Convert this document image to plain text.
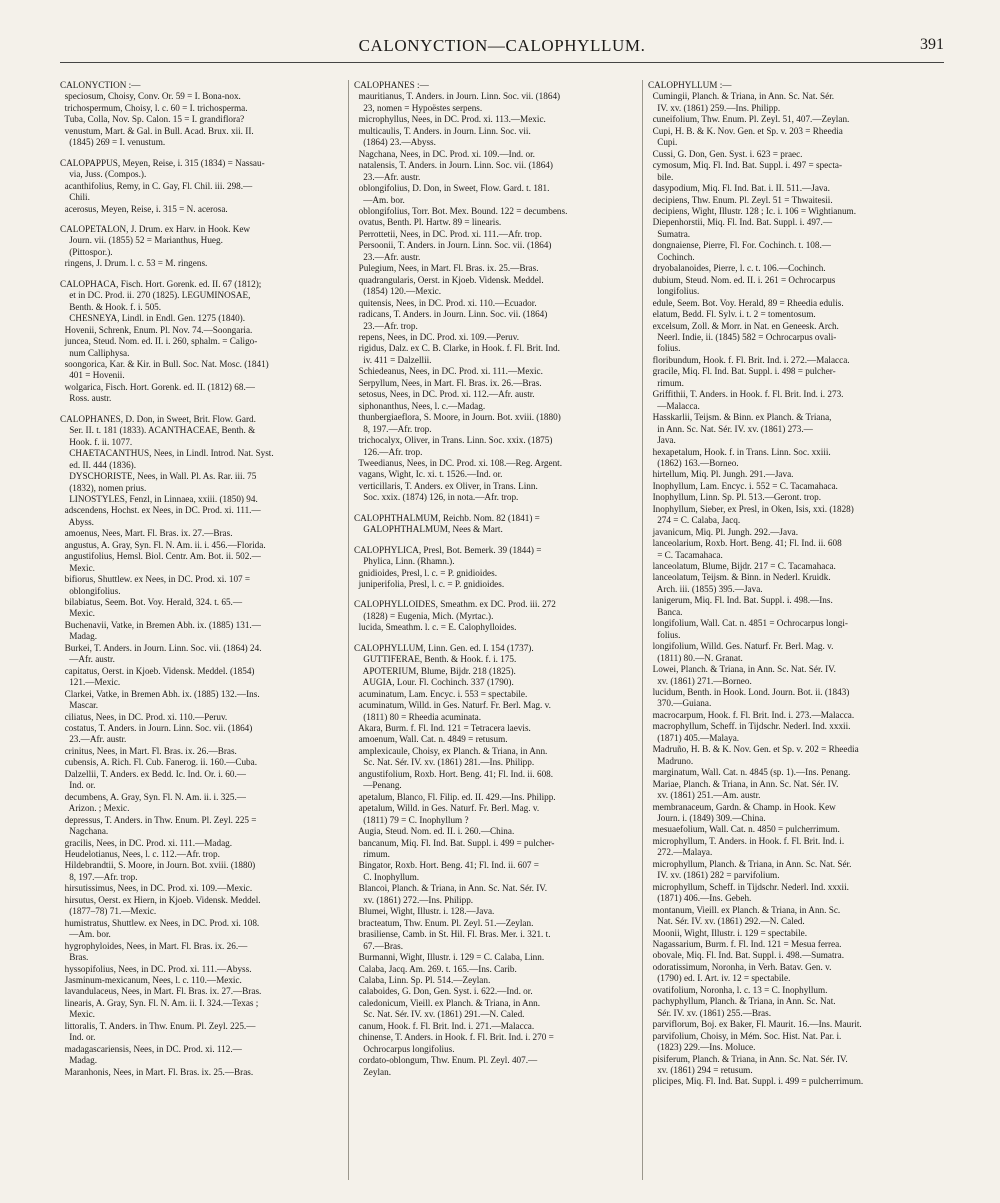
CALONYCTION—CALOPHYLLUM.	391
CALONYCTION :—
speciosum, Choisy, Conv. Or. 59 = I. Bona-nox.
trichospermum, Choisy, l. c. 60 = I. trichosperma.
Tuba, Colla, Nov. Sp. Calon. 15 = I. grandiflora?
venustum, Mart. & Gal. in Bull. Acad. Brux. xii. II.
(1845) 269 = I. venustum.
CALOPAPPUS, Meyen, Reise, i. 315 (1834) = Nassau-
via, Juss. (Compos.).
acanthifolius, Remy, in C. Gay, Fl. Chil. iii. 298.—
Chili.
acerosus, Meyen, Reise, i. 315 = N. acerosa.
CALOPETALON, J. Drum. ex Harv. in Hook. Kew
Journ. vii. (1855) 52 = Marianthus, Hueg.
(Pittospor.).
ringens, J. Drum. l. c. 53 = M. ringens.
CALOPHACA, Fisch. Hort. Gorenk. ed. II. 67 (1812);
et in DC. Prod. ii. 270 (1825). LEGUMINOSAE,
Benth. & Hook. f. i. 505.
CHESNEYA, Lindl. in Endl. Gen. 1275 (1840).
Hovenii, Schrenk, Enum. Pl. Nov. 74.—Soongaria.
juncea, Steud. Nom. ed. II. i. 260, sphalm. = Caligo-
num Calliphysa.
soongorica, Kar. & Kir. in Bull. Soc. Nat. Mosc. (1841)
401 = Hovenii.
wolgarica, Fisch. Hort. Gorenk. ed. II. (1812) 68.—
Ross. austr.
CALOPHANES, D. Don, in Sweet, Brit. Flow. Gard.
Ser. II. t. 181 (1833). ACANTHACEAE, Benth. &
Hook. f. ii. 1077.
CHAETACANTHUS, Nees, in Lindl. Introd. Nat. Syst.
ed. II. 444 (1836).
DYSCHORISTE, Nees, in Wall. Pl. As. Rar. iii. 75
(1832), nomen prius.
LINOSTYLES, Fenzl, in Linnaea, xxiii. (1850) 94.
adscendens, Hochst. ex Nees, in DC. Prod. xi. 111.—
Abyss.
amoenus, Nees, Mart. Fl. Bras. ix. 27.—Bras.
angustus, A. Gray, Syn. Fl. N. Am. ii. i. 456.—Florida.
angustifolius, Hemsl. Biol. Centr. Am. Bot. ii. 502.—
Mexic.
bifiorus, Shuttlew. ex Nees, in DC. Prod. xi. 107 =
oblongifolius.
bilabiatus, Seem. Bot. Voy. Herald, 324. t. 65.—
Mexic.
Buchenavii, Vatke, in Bremen Abh. ix. (1885) 131.—
Madag.
Burkei, T. Anders. in Journ. Linn. Soc. vii. (1864) 24.
—Afr. austr.
capitatus, Oerst. in Kjoeb. Vidensk. Meddel. (1854)
121.—Mexic.
Clarkei, Vatke, in Bremen Abh. ix. (1885) 132.—Ins.
Mascar.
ciliatus, Nees, in DC. Prod. xi. 110.—Peruv.
costatus, T. Anders. in Journ. Linn. Soc. vii. (1864)
23.—Afr. austr.
crinitus, Nees, in Mart. Fl. Bras. ix. 26.—Bras.
cubensis, A. Rich. Fl. Cub. Fanerog. ii. 160.—Cuba.
Dalzellii, T. Anders. ex Bedd. Ic. Ind. Or. i. 60.—
Ind. or.
decumbens, A. Gray, Syn. Fl. N. Am. ii. i. 325.—
Arizon. ; Mexic.
depressus, T. Anders. in Thw. Enum. Pl. Zeyl. 225 =
Nagchana.
gracilis, Nees, in DC. Prod. xi. 111.—Madag.
Heudelotianus, Nees, l. c. 112.—Afr. trop.
Hildebrandtii, S. Moore, in Journ. Bot. xviii. (1880)
8, 197.—Afr. trop.
hirsutissimus, Nees, in DC. Prod. xi. 109.—Mexic.
hirsutus, Oerst. ex Hiern, in Kjoeb. Vidensk. Meddel.
(1877–78) 71.—Mexic.
humistratus, Shuttlew. ex Nees, in DC. Prod. xi. 108.
—Am. bor.
hygrophyloides, Nees, in Mart. Fl. Bras. ix. 26.—
Bras.
hyssopifolius, Nees, in DC. Prod. xi. 111.—Abyss.
Jasminum-mexicanum, Nees, l. c. 110.—Mexic.
lavandulaceus, Nees, in Mart. Fl. Bras. ix. 27.—Bras.
linearis, A. Gray, Syn. Fl. N. Am. ii. I. 324.—Texas ;
Mexic.
littoralis, T. Anders. in Thw. Enum. Pl. Zeyl. 225.—
Ind. or.
madagascariensis, Nees, in DC. Prod. xi. 112.—
Madag.
Maranhonis, Nees, in Mart. Fl. Bras. ix. 25.—Bras.
CALOPHANES :—
mauritianus, T. Anders. in Journ. Linn. Soc. vii. (1864)
23, nomen = Hypoëstes serpens.
microphyllus, Nees, in DC. Prod. xi. 113.—Mexic.
multicaulis, T. Anders. in Journ. Linn. Soc. vii.
(1864) 23.—Abyss.
Nagchana, Nees, in DC. Prod. xi. 109.—Ind. or.
natalensis, T. Anders. in Journ. Linn. Soc. vii. (1864)
23.—Afr. austr.
oblongifolius, D. Don, in Sweet, Flow. Gard. t. 181.
—Am. bor.
oblongifolius, Torr. Bot. Mex. Bound. 122 = decumbens.
ovatus, Benth. Pl. Hartw. 89 = linearis.
Perrottetii, Nees, in DC. Prod. xi. 111.—Afr. trop.
Persoonii, T. Anders. in Journ. Linn. Soc. vii. (1864)
23.—Afr. austr.
Pulegium, Nees, in Mart. Fl. Bras. ix. 25.—Bras.
quadrangularis, Oerst. in Kjoeb. Vidensk. Meddel.
(1854) 120.—Mexic.
quitensis, Nees, in DC. Prod. xi. 110.—Ecuador.
radicans, T. Anders. in Journ. Linn. Soc. vii. (1864)
23.—Afr. trop.
repens, Nees, in DC. Prod. xi. 109.—Peruv.
rigidus, Dalz. ex C. B. Clarke, in Hook. f. Fl. Brit. Ind.
iv. 411 = Dalzellii.
Schiedeanus, Nees, in DC. Prod. xi. 111.—Mexic.
Serpyllum, Nees, in Mart. Fl. Bras. ix. 26.—Bras.
setosus, Nees, in DC. Prod. xi. 112.—Afr. austr.
siphonanthus, Nees, l. c.—Madag.
thunbergiaeflora, S. Moore, in Journ. Bot. xviii. (1880)
8, 197.—Afr. trop.
trichocalyx, Oliver, in Trans. Linn. Soc. xxix. (1875)
126.—Afr. trop.
Tweedianus, Nees, in DC. Prod. xi. 108.—Reg. Argent.
vagans, Wight, Ic. xi. t. 1526.—Ind. or.
verticillaris, T. Anders. ex Oliver, in Trans. Linn.
Soc. xxix. (1874) 126, in nota.—Afr. trop.
CALOPHTHALMUM, Reichb. Nom. 82 (1841) =
GALOPHTHALMUM, Nees & Mart.
CALOPHYLICA, Presl, Bot. Bemerk. 39 (1844) =
Phylica, Linn. (Rhamn.).
gnidioides, Presl, l. c. = P. gnidioides.
juniperifolia, Presl, l. c. = P. gnidioides.
CALOPHYLLOIDES, Smeathm. ex DC. Prod. iii. 272
(1828) = Eugenia, Mich. (Myrtac.).
lucida, Smeathm. l. c. = E. Calophylloides.
CALOPHYLLUM, Linn. Gen. ed. I. 154 (1737).
GUTTIFERAE, Benth. & Hook. f. i. 175.
APOTERIUM, Blume, Bijdr. 218 (1825).
AUGIA, Lour. Fl. Cochinch. 337 (1790).
acuminatum, Lam. Encyc. i. 553 = spectabile.
acuminatum, Willd. in Ges. Naturf. Fr. Berl. Mag. v.
(1811) 80 = Rheedia acuminata.
Akara, Burm. f. Fl. Ind. 121 = Tetracera laevis.
amoenum, Wall. Cat. n. 4849 = retusum.
amplexicaule, Choisy, ex Planch. & Triana, in Ann.
Sc. Nat. Sér. IV. xv. (1861) 281.—Ins. Philipp.
angustifolium, Roxb. Hort. Beng. 41; Fl. Ind. ii. 608.
—Penang.
apetalum, Blanco, Fl. Filip. ed. II. 429.—Ins. Philipp.
apetalum, Willd. in Ges. Naturf. Fr. Berl. Mag. v.
(1811) 79 = C. Inophyllum ?
Augia, Steud. Nom. ed. II. i. 260.—China.
bancanum, Miq. Fl. Ind. Bat. Suppl. i. 499 = pulcher-
rimum.
Bingator, Roxb. Hort. Beng. 41; Fl. Ind. ii. 607 =
C. Inophyllum.
Blancoi, Planch. & Triana, in Ann. Sc. Nat. Sér. IV.
xv. (1861) 272.—Ins. Philipp.
Blumei, Wight, Illustr. i. 128.—Java.
bracteatum, Thw. Enum. Pl. Zeyl. 51.—Zeylan.
brasiliense, Camb. in St. Hil. Fl. Bras. Mer. i. 321. t.
67.—Bras.
Burmanni, Wight, Illustr. i. 129 = C. Calaba, Linn.
Calaba, Jacq. Am. 269. t. 165.—Ins. Carib.
Calaba, Linn. Sp. Pl. 514.—Zeylan.
calaboides, G. Don, Gen. Syst. i. 622.—Ind. or.
caledonicum, Vieill. ex Planch. & Triana, in Ann.
Sc. Nat. Sér. IV. xv. (1861) 291.—N. Caled.
canum, Hook. f. Fl. Brit. Ind. i. 271.—Malacca.
chinense, T. Anders. in Hook. f. Fl. Brit. Ind. i. 270 =
Ochrocarpus longifolius.
cordato-oblongum, Thw. Enum. Pl. Zeyl. 407.—
Zeylan.
CALOPHYLLUM :—
Cumingii, Planch. & Triana, in Ann. Sc. Nat. Sér.
IV. xv. (1861) 259.—Ins. Philipp.
cuneifolium, Thw. Enum. Pl. Zeyl. 51, 407.—Zeylan.
Cupi, H. B. & K. Nov. Gen. et Sp. v. 203 = Rheedia
Cupi.
Cussi, G. Don, Gen. Syst. i. 623 = praec.
cymosum, Miq. Fl. Ind. Bat. Suppl. i. 497 = specta-
bile.
dasypodium, Miq. Fl. Ind. Bat. i. II. 511.—Java.
decipiens, Thw. Enum. Pl. Zeyl. 51 = Thwaitesii.
decipiens, Wight, Illustr. 128 ; Ic. i. 106 = Wightianum.
Diepenhorstii, Miq. Fl. Ind. Bat. Suppl. i. 497.—
Sumatra.
dongnaiense, Pierre, Fl. For. Cochinch. t. 108.—
Cochinch.
dryobalanoides, Pierre, l. c. t. 106.—Cochinch.
dubium, Steud. Nom. ed. II. i. 261 = Ochrocarpus
longifolius.
edule, Seem. Bot. Voy. Herald, 89 = Rheedia edulis.
elatum, Bedd. Fl. Sylv. i. t. 2 = tomentosum.
excelsum, Zoll. & Morr. in Nat. en Geneesk. Arch.
Neerl. Indie, ii. (1845) 582 = Ochrocarpus ovali-
folius.
floribundum, Hook. f. Fl. Brit. Ind. i. 272.—Malacca.
gracile, Miq. Fl. Ind. Bat. Suppl. i. 498 = pulcher-
rimum.
Griffithii, T. Anders. in Hook. f. Fl. Brit. Ind. i. 273.
—Malacca.
Hasskarlii, Teijsm. & Binn. ex Planch. & Triana,
in Ann. Sc. Nat. Sér. IV. xv. (1861) 273.—
Java.
hexapetalum, Hook. f. in Trans. Linn. Soc. xxiii.
(1862) 163.—Borneo.
hirtellum, Miq. Pl. Jungh. 291.—Java.
Inophyllum, Lam. Encyc. i. 552 = C. Tacamahaca.
Inophyllum, Linn. Sp. Pl. 513.—Geront. trop.
Inophyllum, Sieber, ex Presl, in Oken, Isis, xxi. (1828)
274 = C. Calaba, Jacq.
javanicum, Miq. Pl. Jungh. 292.—Java.
lanceolarium, Roxb. Hort. Beng. 41; Fl. Ind. ii. 608
= C. Tacamahaca.
lanceolatum, Blume, Bijdr. 217 = C. Tacamahaca.
lanceolatum, Teijsm. & Binn. in Nederl. Kruidk.
Arch. iii. (1855) 395.—Java.
lanigerum, Miq. Fl. Ind. Bat. Suppl. i. 498.—Ins.
Banca.
longifolium, Wall. Cat. n. 4851 = Ochrocarpus longi-
folius.
longifolium, Willd. Ges. Naturf. Fr. Berl. Mag. v.
(1811) 80.—N. Granat.
Lowei, Planch. & Triana, in Ann. Sc. Nat. Sér. IV.
xv. (1861) 271.—Borneo.
lucidum, Benth. in Hook. Lond. Journ. Bot. ii. (1843)
370.—Guiana.
macrocarpum, Hook. f. Fl. Brit. Ind. i. 273.—Malacca.
macrophyllum, Scheff. in Tijdschr. Nederl. Ind. xxxii.
(1871) 405.—Malaya.
Madruño, H. B. & K. Nov. Gen. et Sp. v. 202 = Rheedia
Madruno.
marginatum, Wall. Cat. n. 4845 (sp. 1).—Ins. Penang.
Mariae, Planch. & Triana, in Ann. Sc. Nat. Sér. IV.
xv. (1861) 251.—Am. austr.
membranaceum, Gardn. & Champ. in Hook. Kew
Journ. i. (1849) 309.—China.
mesuaefolium, Wall. Cat. n. 4850 = pulcherrimum.
microphyllum, T. Anders. in Hook. f. Fl. Brit. Ind. i.
272.—Malaya.
microphyllum, Planch. & Triana, in Ann. Sc. Nat. Sér.
IV. xv. (1861) 282 = parvifolium.
microphyllum, Scheff. in Tijdschr. Nederl. Ind. xxxii.
(1871) 406.—Ins. Gebeh.
montanum, Vieill. ex Planch. & Triana, in Ann. Sc.
Nat. Sér. IV. xv. (1861) 292.—N. Caled.
Moonii, Wight, Illustr. i. 129 = spectabile.
Nagassarium, Burm. f. Fl. Ind. 121 = Mesua ferrea.
obovale, Miq. Fl. Ind. Bat. Suppl. i. 498.—Sumatra.
odoratissimum, Noronha, in Verh. Batav. Gen. v.
(1790) ed. I. Art. iv. 12 = spectabile.
ovatifolium, Noronha, l. c. 13 = C. Inophyllum.
pachyphyllum, Planch. & Triana, in Ann. Sc. Nat.
Sér. IV. xv. (1861) 255.—Bras.
parviflorum, Boj. ex Baker, Fl. Maurit. 16.—Ins. Maurit.
parvifolium, Choisy, in Mém. Soc. Hist. Nat. Par. i.
(1823) 229.—Ins. Moluce.
pisiferum, Planch. & Triana, in Ann. Sc. Nat. Sér. IV.
xv. (1861) 294 = retusum.
plicipes, Miq. Fl. Ind. Bat. Suppl. i. 499 = pulcherrimum.
